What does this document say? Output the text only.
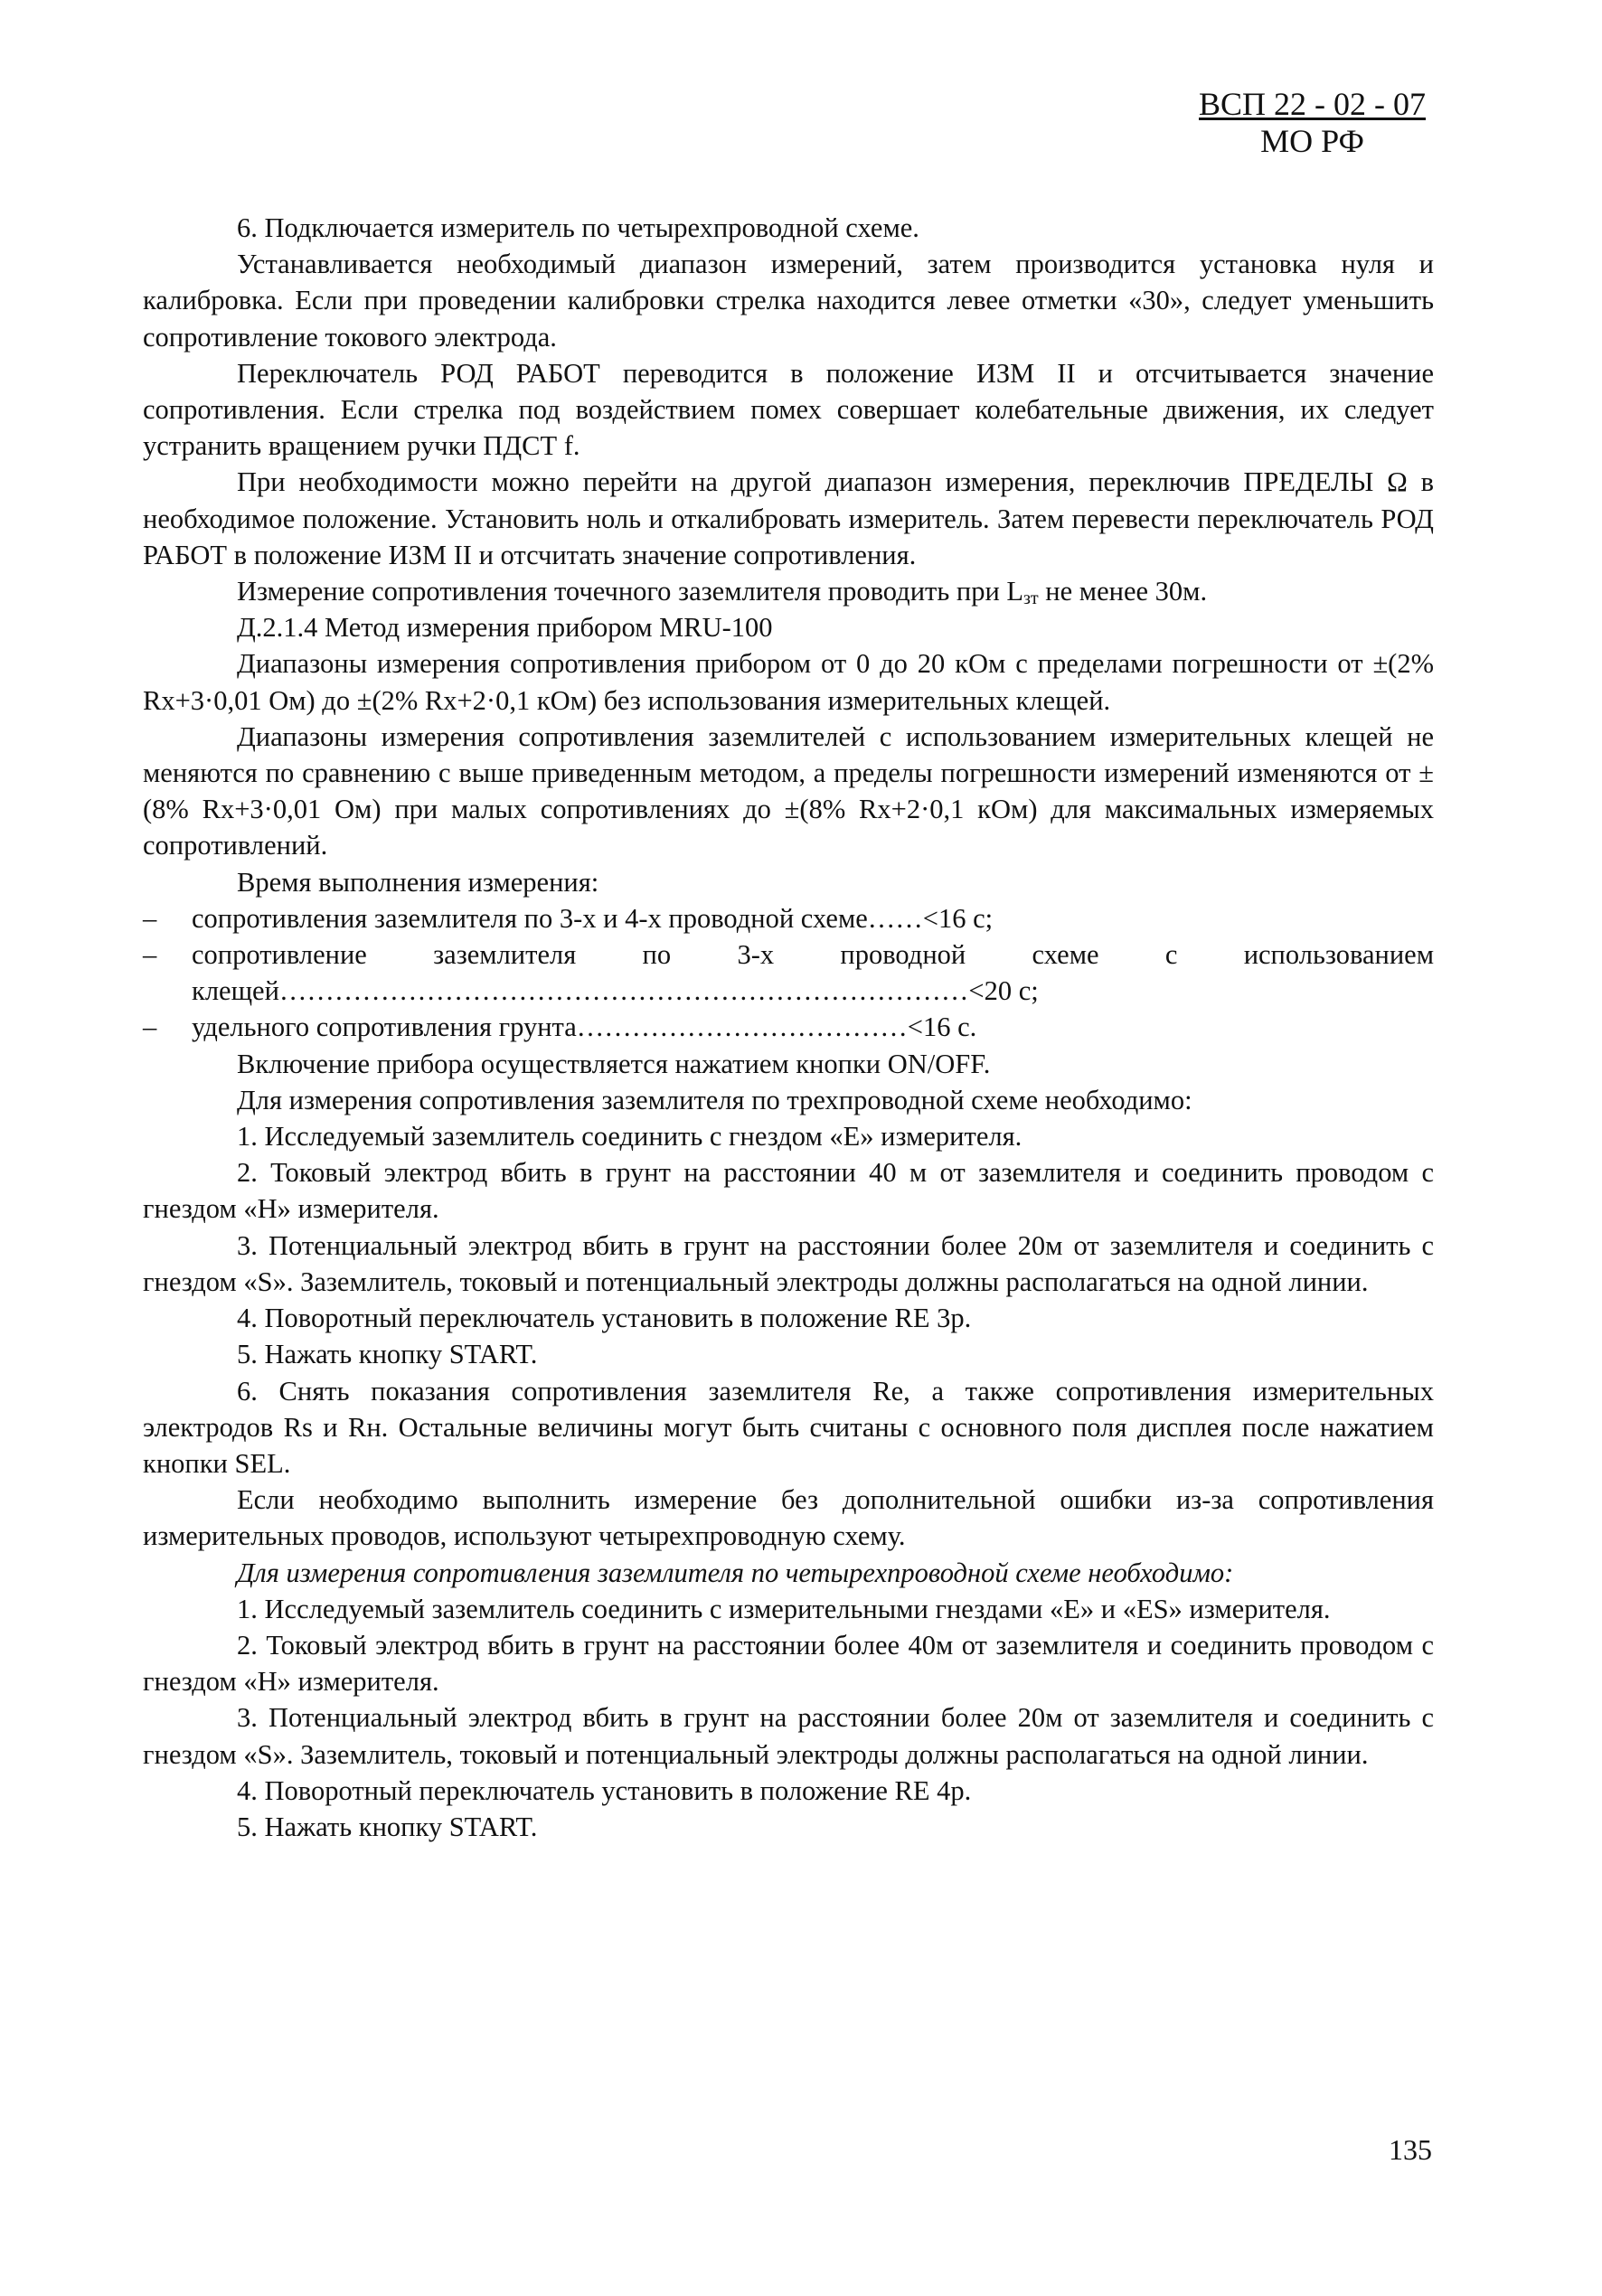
ВСП 22 - 02 - 07
МО РФ

6. Подключается измеритель по четырехпроводной схеме.

Устанавливается необходимый диапазон измерений, затем производится установка нуля и калибровка. Если при проведении калибровки стрелка находится левее отметки «30», следует уменьшить сопротивление токового электрода.

Переключатель РОД РАБОТ переводится в положение ИЗМ II и отсчитывается значение сопротивления. Если стрелка под воздействием помех совершает колебательные движения, их следует устранить вращением ручки ПДСТ f.

При необходимости можно перейти на другой диапазон измерения, переключив ПРЕДЕЛЫ Ω в необходимое положение. Установить ноль и откалибровать измеритель. Затем перевести переключатель РОД РАБОТ в положение ИЗМ II и отсчитать значение сопротивления.

Измерение сопротивления точечного заземлителя проводить при $L_{зт}$ не менее 30м.

Д.2.1.4 Метод измерения прибором MRU-100

Диапазоны измерения сопротивления прибором от 0 до 20 кОм с пределами погрешности от ±(2% Rx+3·0,01 Ом) до ±(2% Rx+2·0,1 кОм) без использования измерительных клещей.

Диапазоны измерения сопротивления заземлителей с использованием измерительных клещей не меняются по сравнению с выше приведенным методом, а пределы погрешности измерений изменяются от ±(8% Rx+3·0,01 Ом) при малых сопротивлениях до ±(8% Rx+2·0,1 кОм) для максимальных измеряемых сопротивлений.

Время выполнения измерения:

–	сопротивления заземлителя по 3-х и 4-х проводной схеме……<16 с;
–	сопротивление заземлителя по 3-х проводной схеме с использованием клещей…………………………………………………………………<20 с;
–	удельного сопротивления грунта………………………………<16 с.

Включение прибора осуществляется нажатием кнопки ON/OFF.

Для измерения сопротивления заземлителя по трехпроводной схеме необходимо:

1. Исследуемый заземлитель соединить с гнездом «Е» измерителя.

2. Токовый электрод вбить в грунт на расстоянии 40 м от заземлителя и соединить проводом с гнездом «Н» измерителя.

3. Потенциальный электрод вбить в грунт на расстоянии более 20м от заземлителя и соединить с гнездом «S». Заземлитель, токовый и потенциальный электроды должны располагаться на одной линии.

4. Поворотный переключатель установить в положение RE 3р.

5. Нажать кнопку START.

6. Снять показания сопротивления заземлителя Re, а также сопротивления измерительных электродов Rs и Rн. Остальные величины могут быть считаны с основного поля дисплея после нажатием кнопки SEL.

Если необходимо выполнить измерение без дополнительной ошибки из-за сопротивления измерительных проводов, используют четырехпроводную схему.

Для измерения сопротивления заземлителя по четырехпроводной схеме необходимо:

1. Исследуемый заземлитель соединить с измерительными гнездами «Е» и «ES» измерителя.

2. Токовый электрод вбить в грунт на расстоянии более 40м от заземлителя и соединить проводом с гнездом «Н» измерителя.

3. Потенциальный электрод вбить в грунт на расстоянии более 20м от заземлителя и соединить с гнездом «S». Заземлитель, токовый и потенциальный электроды должны располагаться на одной линии.

4. Поворотный переключатель установить в положение RE 4р.

5. Нажать кнопку START.

135
